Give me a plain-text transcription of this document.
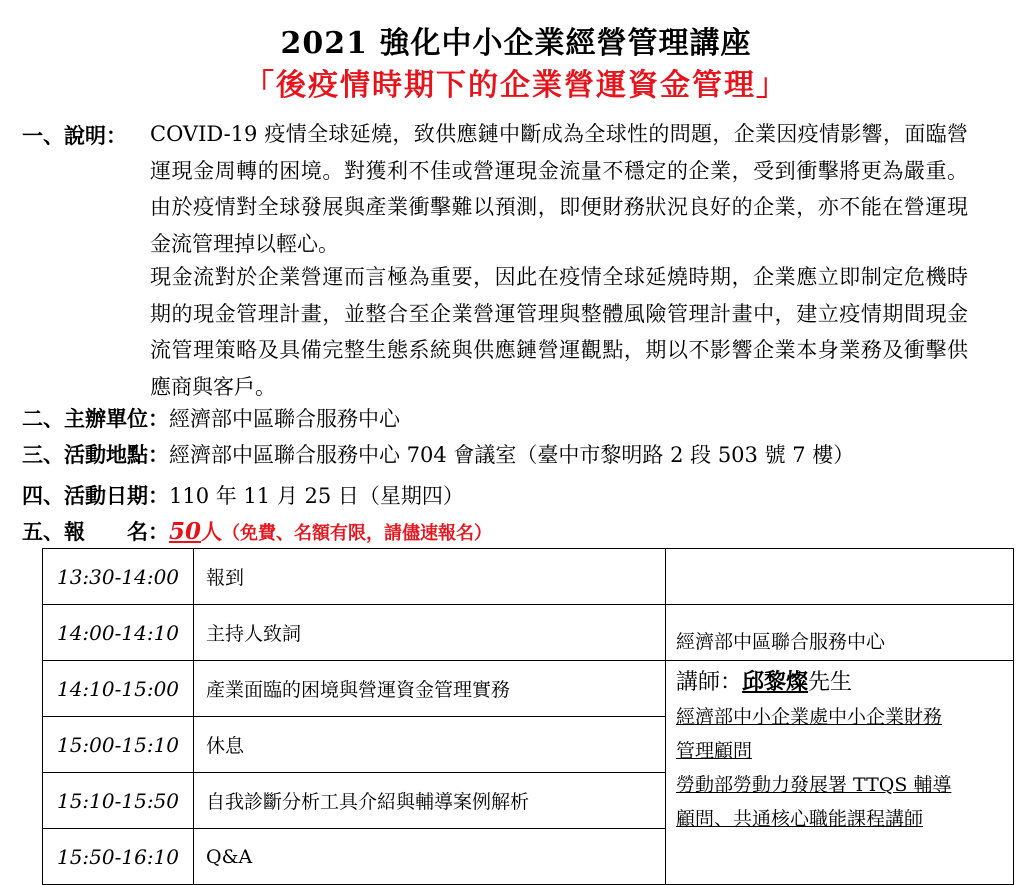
2021 強化中小企業經營管理講座
「後疫情時期下的企業營運資金管理」
一、說明： COVID-19 疫情全球延燒，致供應鏈中斷成為全球性的問題，企業因疫情影響，面臨營運現金周轉的困境。對獲利不佳或營運現金流量不穩定的企業，受到衝擊將更為嚴重。由於疫情對全球發展與產業衝擊難以預測，即便財務狀況良好的企業，亦不能在營運現金流管理掉以輕心。
現金流對於企業營運而言極為重要，因此在疫情全球延燒時期，企業應立即制定危機時期的現金管理計畫，並整合至企業營運管理與整體風險管理計畫中，建立疫情期間現金流管理策略及具備完整生態系統與供應鏈營運觀點，期以不影響企業本身業務及衝擊供應商與客戶。
二、主辦單位：經濟部中區聯合服務中心
三、活動地點：經濟部中區聯合服務中心 704 會議室（臺中市黎明路 2 段 503 號 7 樓）
四、活動日期：110 年 11 月 25 日（星期四）
五、報　　名：50人（免費、名額有限，請儘速報名）
13:30-14:00	報到	
14:00-14:10	主持人致詞	經濟部中區聯合服務中心
14:10-15:00	產業面臨的困境與營運資金管理實務	講師：邱黎燦先生
經濟部中小企業處中小企業財務
管理顧問
勞動部勞動力發展署 TTQS 輔導
顧問、共通核心職能課程講師

15:00-15:10	休息	
15:10-15:50	自我診斷分析工具介紹與輔導案例解析	
15:50-16:10	Q&A	
